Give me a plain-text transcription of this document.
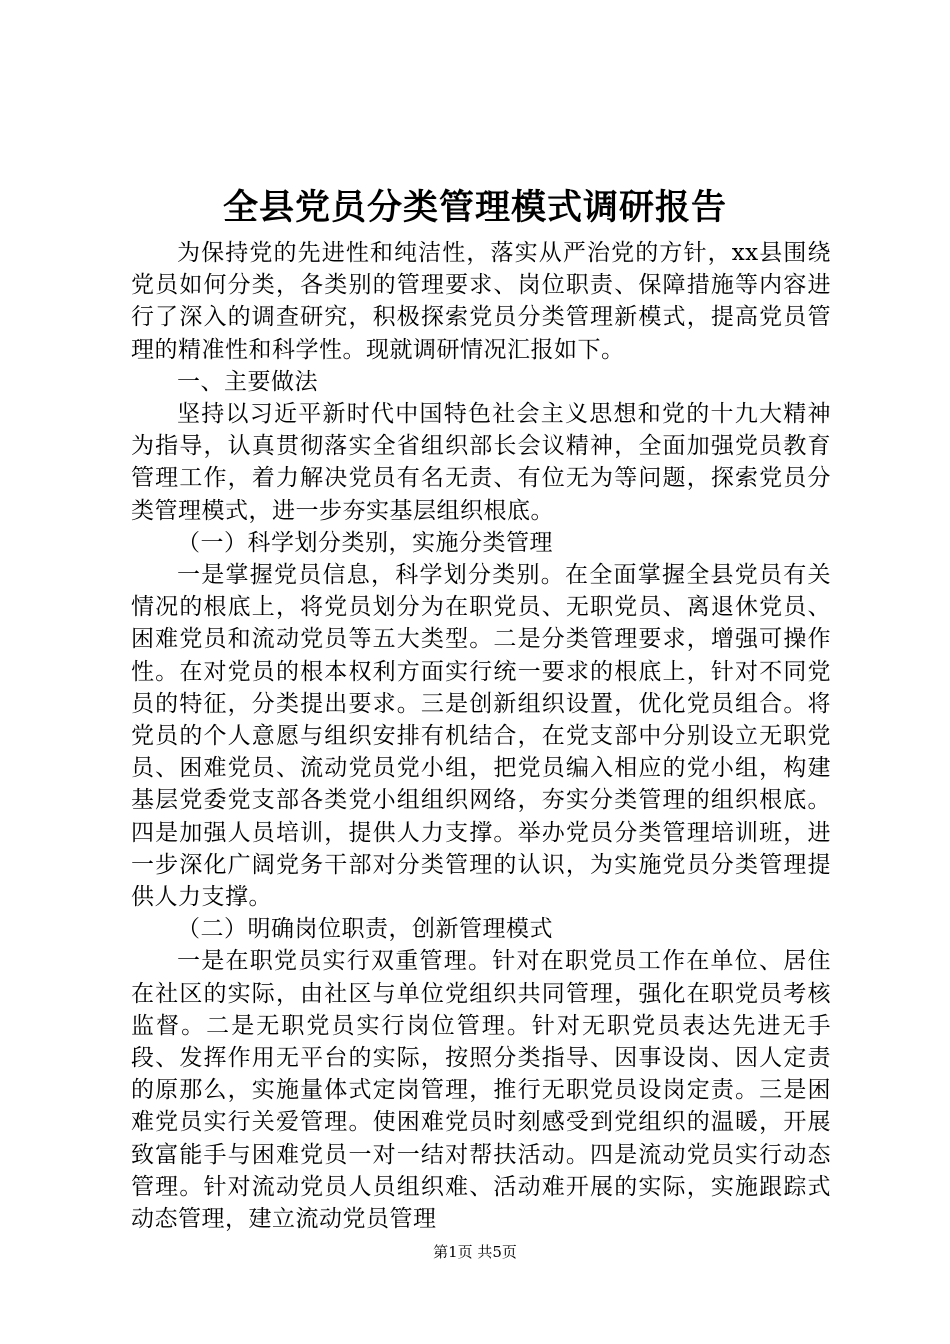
全县党员分类管理模式调研报告

为保持党的先进性和纯洁性，落实从严治党的方针，xx县围绕党员如何分类，各类别的管理要求、岗位职责、保障措施等内容进行了深入的调查研究，积极探索党员分类管理新模式，提高党员管理的精准性和科学性。现就调研情况汇报如下。

一、主要做法

坚持以习近平新时代中国特色社会主义思想和党的十九大精神为指导，认真贯彻落实全省组织部长会议精神，全面加强党员教育管理工作，着力解决党员有名无责、有位无为等问题，探索党员分类管理模式，进一步夯实基层组织根底。

（一）科学划分类别，实施分类管理

一是掌握党员信息，科学划分类别。在全面掌握全县党员有关情况的根底上，将党员划分为在职党员、无职党员、离退休党员、困难党员和流动党员等五大类型。二是分类管理要求，增强可操作性。在对党员的根本权利方面实行统一要求的根底上，针对不同党员的特征，分类提出要求。三是创新组织设置，优化党员组合。将党员的个人意愿与组织安排有机结合，在党支部中分别设立无职党员、困难党员、流动党员党小组，把党员编入相应的党小组，构建基层党委党支部各类党小组组织网络，夯实分类管理的组织根底。四是加强人员培训，提供人力支撑。举办党员分类管理培训班，进一步深化广阔党务干部对分类管理的认识，为实施党员分类管理提供人力支撑。

（二）明确岗位职责，创新管理模式

一是在职党员实行双重管理。针对在职党员工作在单位、居住在社区的实际，由社区与单位党组织共同管理，强化在职党员考核监督。二是无职党员实行岗位管理。针对无职党员表达先进无手段、发挥作用无平台的实际，按照分类指导、因事设岗、因人定责的原那么，实施量体式定岗管理，推行无职党员设岗定责。三是困难党员实行关爱管理。使困难党员时刻感受到党组织的温暖，开展致富能手与困难党员一对一结对帮扶活动。四是流动党员实行动态管理。针对流动党员人员组织难、活动难开展的实际，实施跟踪式动态管理，建立流动党员管理

第1页 共5页
